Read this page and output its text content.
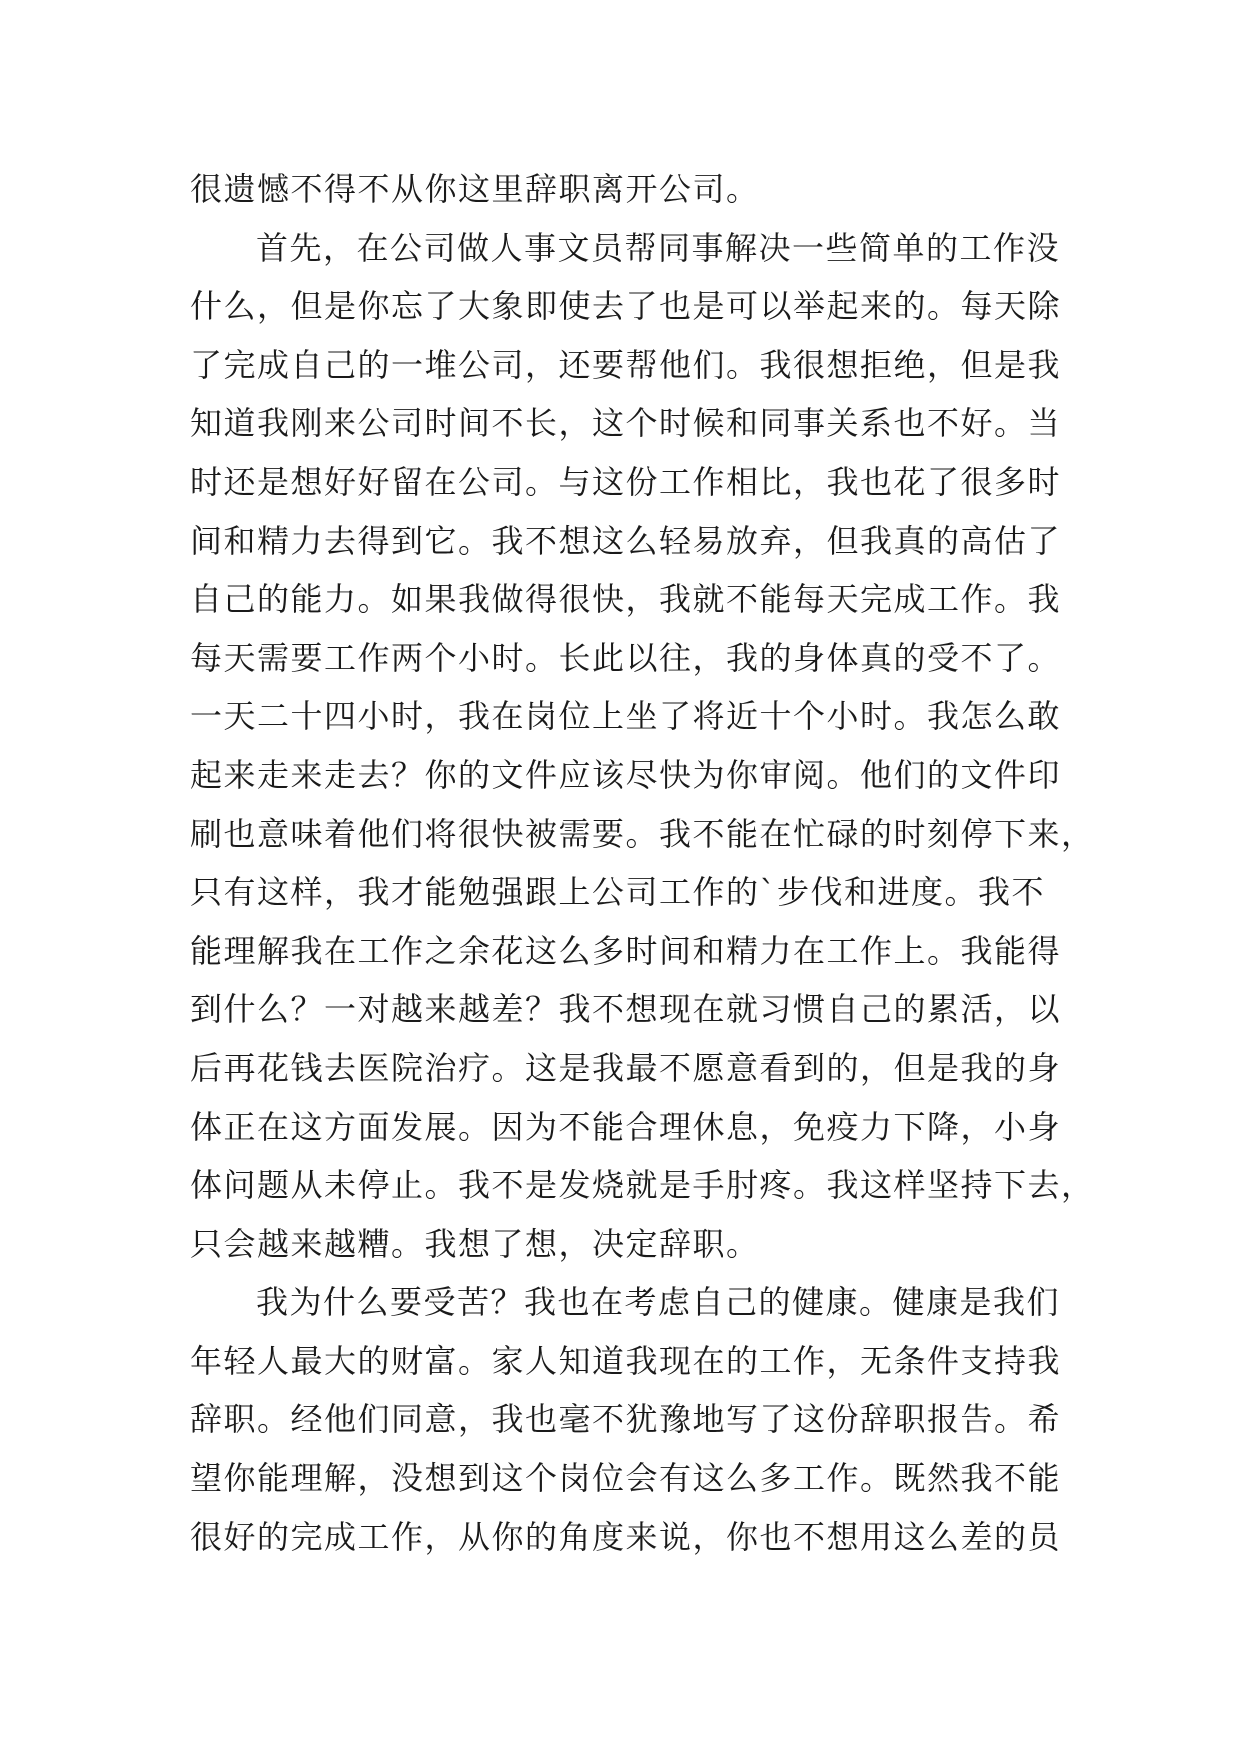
很遗憾不得不从你这里辞职离开公司。
首先，在公司做人事文员帮同事解决一些简单的工作没
什么，但是你忘了大象即使去了也是可以举起来的。每天除
了完成自己的一堆公司，还要帮他们。我很想拒绝，但是我
知道我刚来公司时间不长，这个时候和同事关系也不好。当
时还是想好好留在公司。与这份工作相比，我也花了很多时
间和精力去得到它。我不想这么轻易放弃，但我真的高估了
自己的能力。如果我做得很快，我就不能每天完成工作。我
每天需要工作两个小时。长此以往，我的身体真的受不了。
一天二十四小时，我在岗位上坐了将近十个小时。我怎么敢
起来走来走去？你的文件应该尽快为你审阅。他们的文件印
刷也意味着他们将很快被需要。我不能在忙碌的时刻停下来，
只有这样，我才能勉强跟上公司工作的`步伐和进度。我不
能理解我在工作之余花这么多时间和精力在工作上。我能得
到什么？一对越来越差？我不想现在就习惯自己的累活，以
后再花钱去医院治疗。这是我最不愿意看到的，但是我的身
体正在这方面发展。因为不能合理休息，免疫力下降，小身
体问题从未停止。我不是发烧就是手肘疼。我这样坚持下去，
只会越来越糟。我想了想，决定辞职。
我为什么要受苦？我也在考虑自己的健康。健康是我们
年轻人最大的财富。家人知道我现在的工作，无条件支持我
辞职。经他们同意，我也毫不犹豫地写了这份辞职报告。希
望你能理解，没想到这个岗位会有这么多工作。既然我不能
很好的完成工作，从你的角度来说，你也不想用这么差的员
